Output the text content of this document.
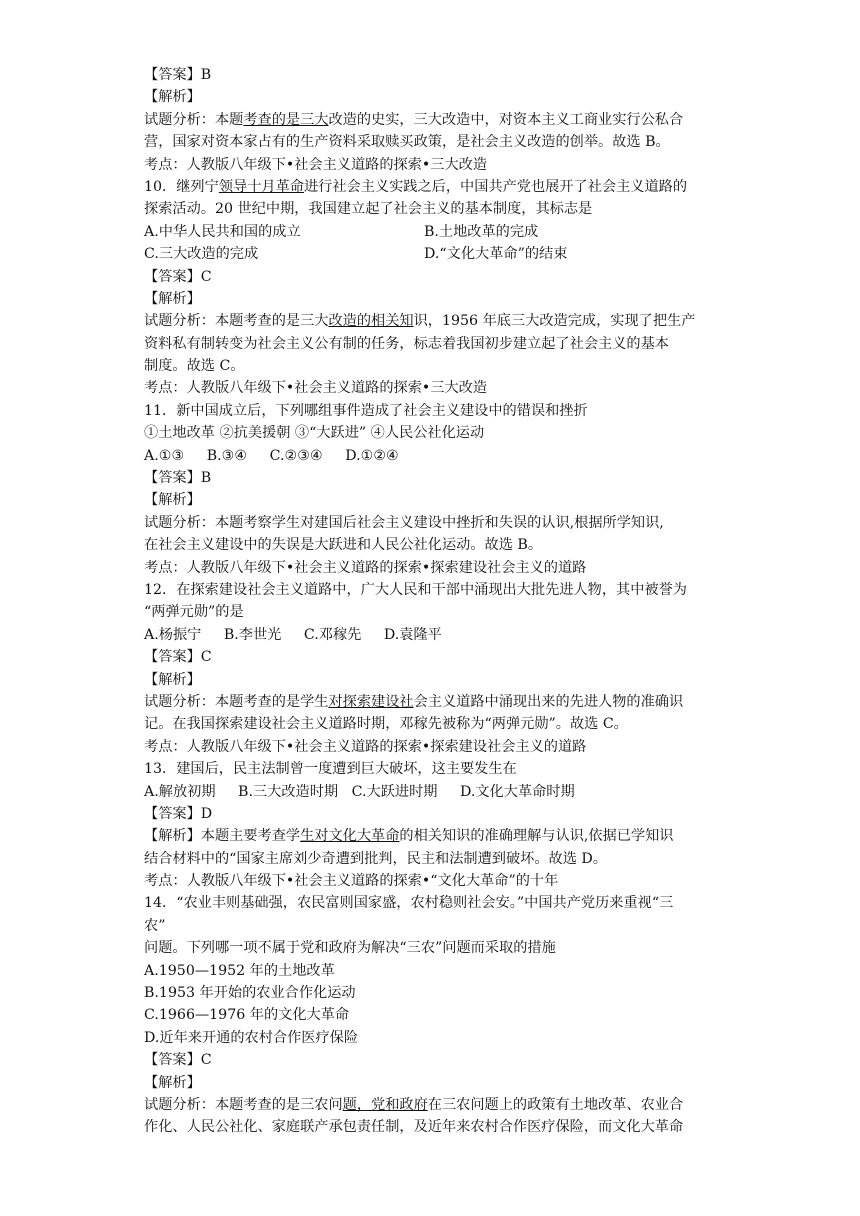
【答案】B
【解析】
试题分析：本题考查的是三大改造的史实，三大改造中，对资本主义工商业实行公私合
营，国家对资本家占有的生产资料采取赎买政策，是社会主义改造的创举。故选 B。
考点：人教版八年级下•社会主义道路的探索•三大改造
10．继列宁领导十月革命进行社会主义实践之后，中国共产党也展开了社会主义道路的
探索活动。20 世纪中期，我国建立起了社会主义的基本制度，其标志是
A.中华人民共和国的成立	B.土地改革的完成
C.三大改造的完成	D.“文化大革命”的结束
【答案】C
【解析】
试题分析：本题考查的是三大改造的相关知识，1956 年底三大改造完成，实现了把生产
资料私有制转变为社会主义公有制的任务，标志着我国初步建立起了社会主义的基本
制度。故选 C。
考点：人教版八年级下•社会主义道路的探索•三大改造
11．新中国成立后，下列哪组事件造成了社会主义建设中的错误和挫折
①土地改革 ②抗美援朝 ③“大跃进” ④人民公社化运动
A.①③     B.③④     C.②③④     D.①②④
【答案】B
【解析】
试题分析：本题考察学生对建国后社会主义建设中挫折和失误的认识,根据所学知识,
在社会主义建设中的失误是大跃进和人民公社化运动。故选 B。
考点：人教版八年级下•社会主义道路的探索•探索建设社会主义的道路
12．在探索建设社会主义道路中，广大人民和干部中涌现出大批先进人物，其中被誉为
“两弹元勋”的是
A.杨振宁     B.李世光     C.邓稼先     D.袁隆平
【答案】C
【解析】
试题分析：本题考查的是学生对探索建设社会主义道路中涌现出来的先进人物的准确识
记。在我国探索建设社会主义道路时期，邓稼先被称为“两弹元勋”。故选 C。
考点：人教版八年级下•社会主义道路的探索•探索建设社会主义的道路
13．建国后，民主法制曾一度遭到巨大破坏，这主要发生在
A.解放初期     B.三大改造时期   C.大跃进时期     D.文化大革命时期
【答案】D
【解析】本题主要考查学生对文化大革命的相关知识的准确理解与认识,依据已学知识
结合材料中的“国家主席刘少奇遭到批判，民主和法制遭到破坏。故选 D。
考点：人教版八年级下•社会主义道路的探索•“文化大革命”的十年
14．“农业丰则基础强，农民富则国家盛，农村稳则社会安。”中国共产党历来重视“三
农”
问题。下列哪一项不属于党和政府为解决“三农”问题而采取的措施
A.1950—1952 年的土地改革
B.1953 年开始的农业合作化运动
C.1966—1976 年的文化大革命
D.近年来开通的农村合作医疗保险
【答案】C
【解析】
试题分析：本题考查的是三农问题，党和政府在三农问题上的政策有土地改革、农业合
作化、人民公社化、家庭联产承包责任制，及近年来农村合作医疗保险，而文化大革命
